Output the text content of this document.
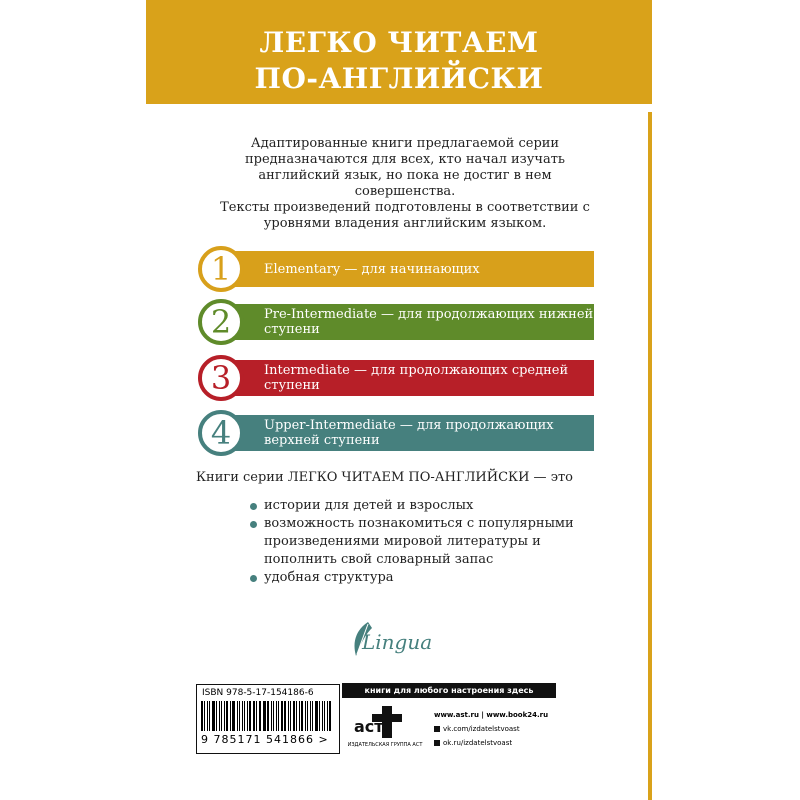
ЛЕГКО ЧИТАЕМ
ПО-АНГЛИЙСКИ
Адаптированные книги предлагаемой серии предназначаются для всех, кто начал изучать английский язык, но пока не достиг в нем совершенства.
Тексты произведений подготовлены в соответствии с уровнями владения английским языком.
Elementary — для начинающих
1
Pre-Intermediate — для продолжающих нижней ступени
2
Intermediate — для продолжающих средней ступени
3
Upper-Intermediate — для продолжающих верхней ступени
4
Книги серии ЛЕГКО ЧИТАЕМ ПО-АНГЛИЙСКИ — это
истории для детей и взрослых
возможность познакомиться с популярными произведениями мировой литературы и пополнить свой словарный запас
удобная структура
Lingua
ISBN 978-5-17-154186-6
9 785171 541866 >
книги для любого настроения здесь
аст
ИЗДАТЕЛЬСКАЯ ГРУППА АСТ
www.ast.ru | www.book24.ru
vk.com/izdatelstvoast
ok.ru/izdatelstvoast
